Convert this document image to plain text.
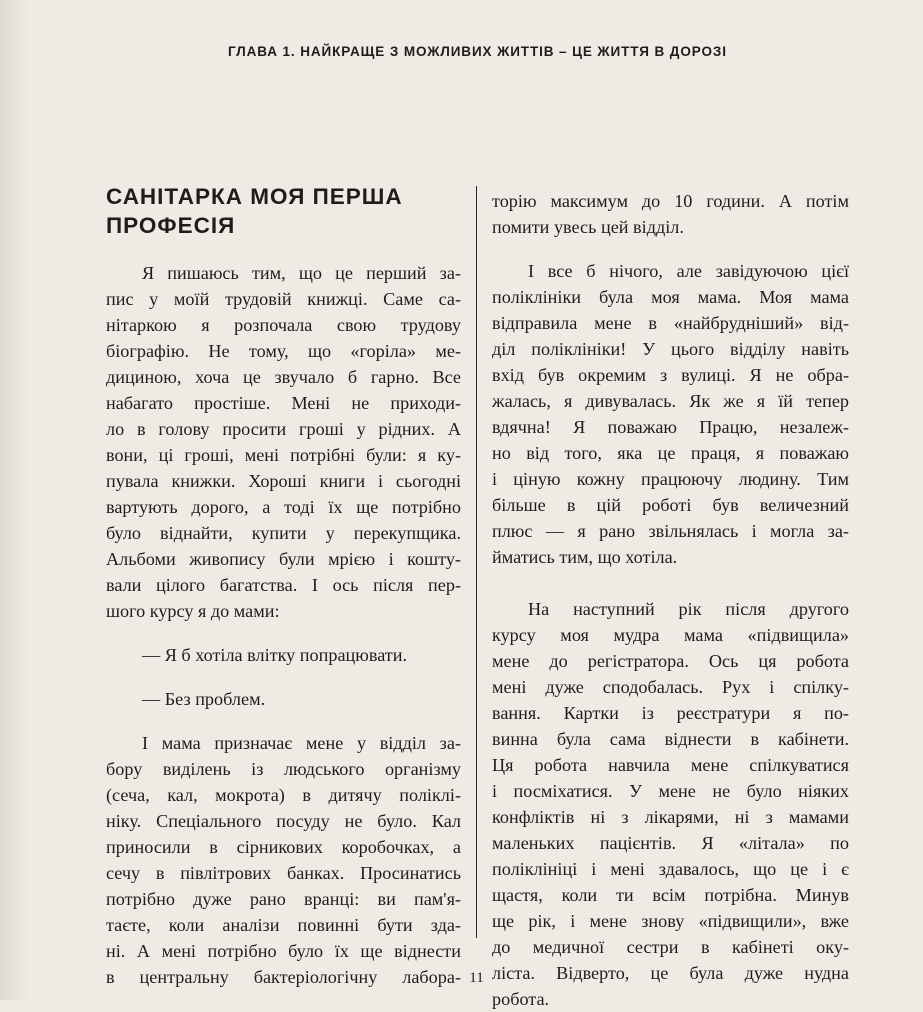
ГЛАВА 1. НАЙКРАЩЕ З МОЖЛИВИХ ЖИТТІВ – ЦЕ ЖИТТЯ В ДОРОЗІ
САНІТАРКА МОЯ ПЕРША
ПРОФЕСІЯ
Я пишаюсь тим, що це перший за-
пис у моїй трудовій книжці. Саме са-
нітаркою я розпочала свою трудову
біографію. Не тому, що «горіла» ме-
дициною, хоча це звучало б гарно. Все
набагато простіше. Мені не приходи-
ло в голову просити гроші у рідних. А
вони, ці гроші, мені потрібні були: я ку-
пувала книжки. Хороші книги і сьогодні
вартують дорого, а тоді їх ще потрібно
було віднайти, купити у перекупщика.
Альбоми живопису були мрією і кошту-
вали цілого багатства. І ось після пер-
шого курсу я до мами:
— Я б хотіла влітку попрацювати.
— Без проблем.
І мама призначає мене у відділ за-
бору виділень із людського організму
(сеча, кал, мокрота) в дитячу поліклі-
ніку. Спеціального посуду не було. Кал
приносили в сірникових коробочках, а
сечу в півлітрових банках. Просинатись
потрібно дуже рано вранці: ви пам'я-
таєте, коли аналізи повинні бути зда-
ні. А мені потрібно було їх ще віднести
в центральну бактеріологічну лабора-
торію максимум до 10 години. А потім
помити увесь цей відділ.
І все б нічого, але завідуючою цієї
поліклініки була моя мама. Моя мама
відправила мене в «найбрудніший» від-
діл поліклініки! У цього відділу навіть
вхід був окремим з вулиці. Я не обра-
жалась, я дивувалась. Як же я їй тепер
вдячна! Я поважаю Працю, незалеж-
но від того, яка це праця, я поважаю
і ціную кожну працюючу людину. Тим
більше в цій роботі був величезний
плюс — я рано звільнялась і могла за-
йматись тим, що хотіла.
На наступний рік після другого
курсу моя мудра мама «підвищила»
мене до регістратора. Ось ця робота
мені дуже сподобалась. Рух і спілку-
вання. Картки із реєстратури я по-
винна була сама віднести в кабінети.
Ця робота навчила мене спілкуватися
і посміхатися. У мене не було ніяких
конфліктів ні з лікарями, ні з мамами
маленьких пацієнтів. Я «літала» по
поліклініці і мені здавалось, що це і є
щастя, коли ти всім потрібна. Минув
ще рік, і мене знову «підвищили», вже
до медичної сестри в кабінеті оку-
ліста. Відверто, це була дуже нудна
робота.
11
